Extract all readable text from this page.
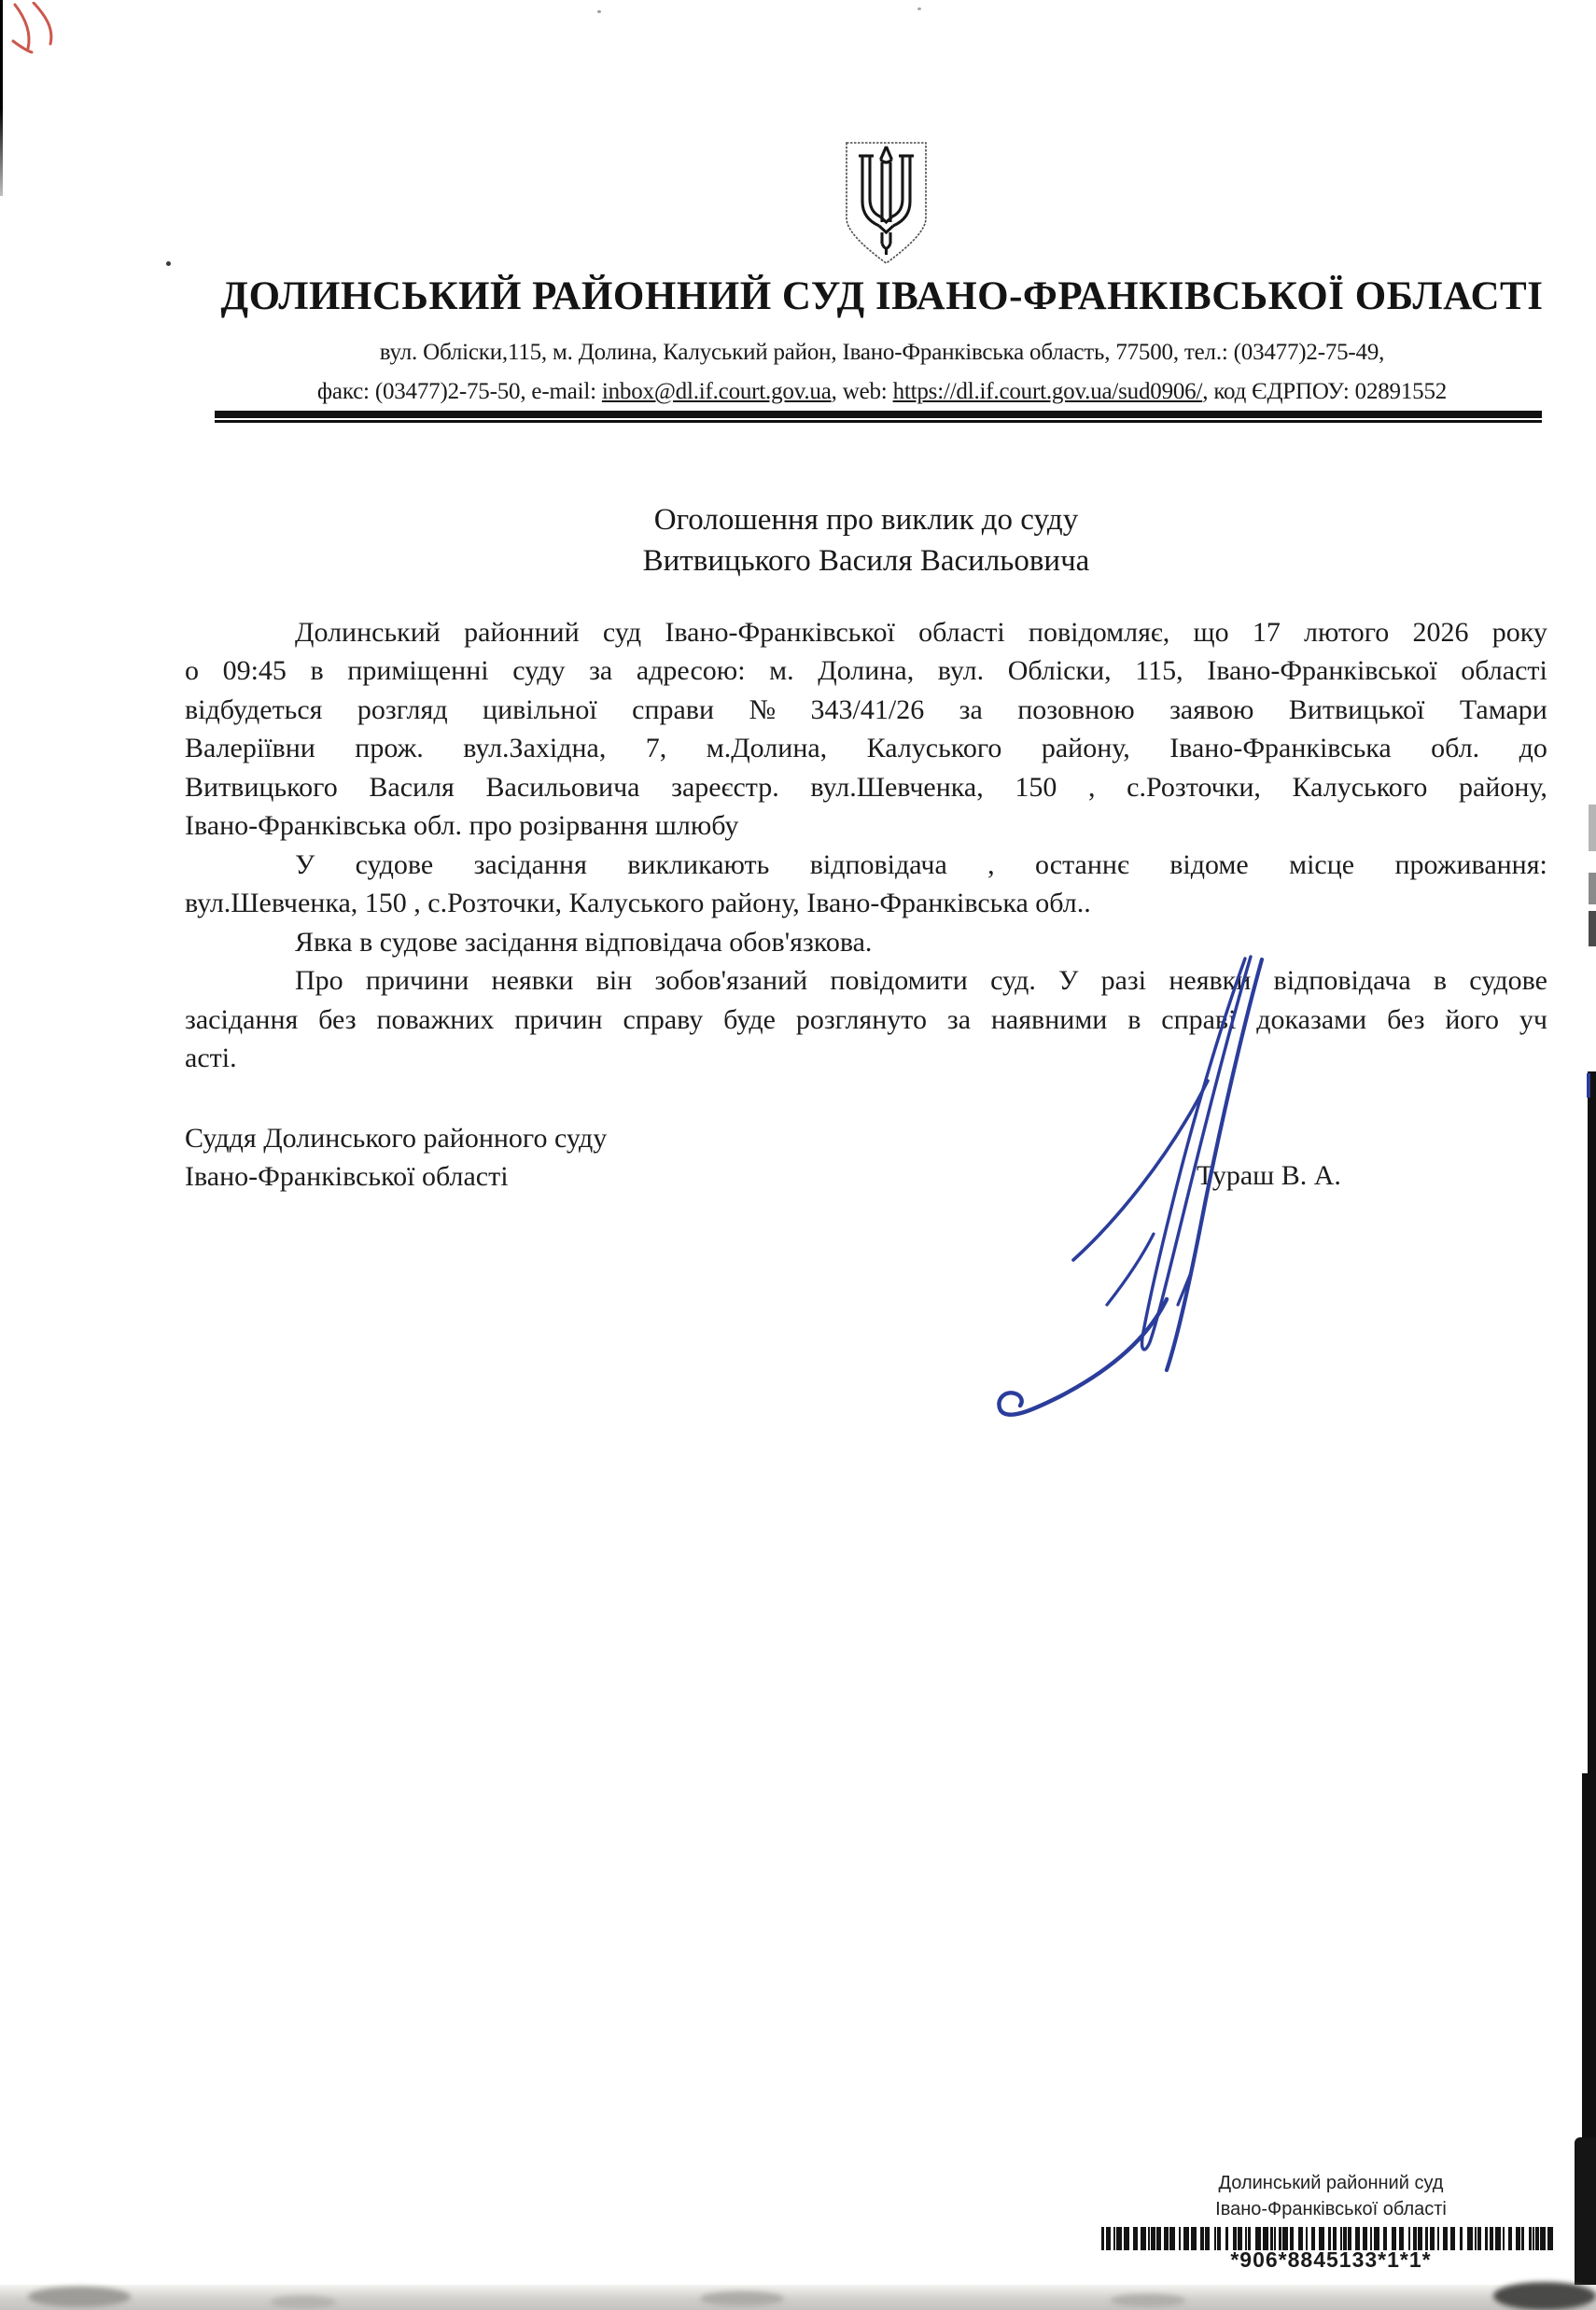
ДОЛИНСЬКИЙ РАЙОННИЙ СУД ІВАНО-ФРАНКІВСЬКОЇ ОБЛАСТІ
вул. Обліски,115, м. Долина, Калуський район, Івано-Франківська область, 77500, тел.: (03477)2-75-49,
факс: (03477)2-75-50, e-mail: inbox@dl.if.court.gov.ua, web: https://dl.if.court.gov.ua/sud0906/, код ЄДРПОУ: 02891552
Оголошення про виклик до суду
Витвицького Василя Васильовича
Долинський районний суд Івано-Франківської області повідомляє, що 17 лютого 2026 року
о 09:45 в приміщенні суду за адресою: м. Долина, вул. Обліски, 115, Івано-Франківської області
відбудеться розгляд цивільної справи № 343/41/26 за позовною заявою Витвицької Тамари
Валеріївни прож. вул.Західна, 7, м.Долина, Калуського району, Івано-Франківська обл. до
Витвицького Василя Васильовича зареєстр. вул.Шевченка, 150 , с.Розточки, Калуського району,
Івано-Франківська обл. про розірвання шлюбу
У судове засідання викликають відповідача , останнє відоме місце проживання:
вул.Шевченка, 150 , с.Розточки, Калуського району, Івано-Франківська обл..
Явка в судове засідання відповідача обов'язкова.
Про причини неявки він зобов'язаний повідомити суд. У разі неявки відповідача в судове
засідання без поважних причин справу буде розглянуто за наявними в справі доказами без його уч
асті.
Суддя Долинського районного суду
Івано-Франківської області	Тураш В. А.
Долинський районний суд
Івано-Франківської області
*906*8845133*1*1*
